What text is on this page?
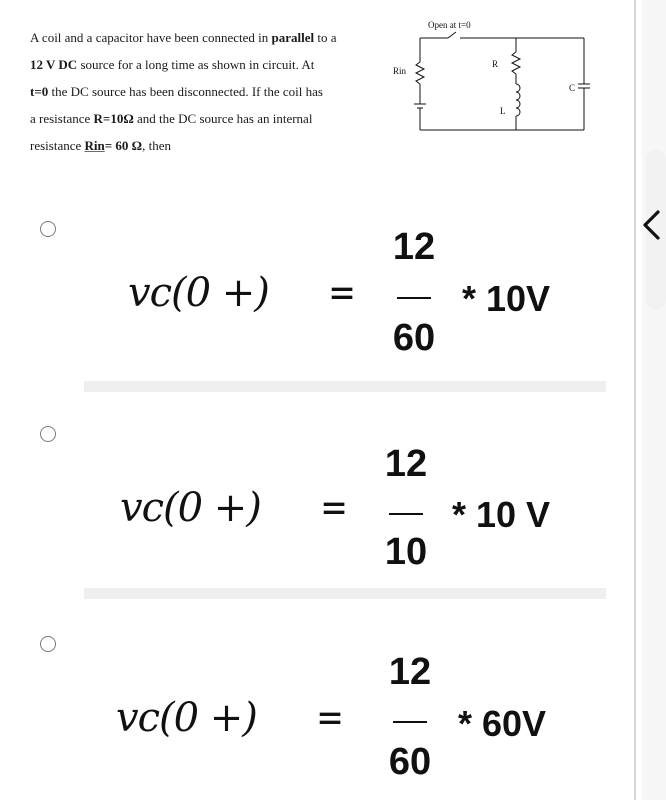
A coil and a capacitor have been connected in parallel to a
12 V DC source for a long time as shown in circuit. At
t=0 the DC source has been disconnected. If the coil has
a resistance R=10Ω and the DC source has an internal
resistance Rin= 60 Ω, then
Open at t=0
Rin
R
L
C
vc(0 +) =
12
60
* 10V
vc(0 +) =
12
10
* 10 V
vc(0 +) =
12
60
* 60V
